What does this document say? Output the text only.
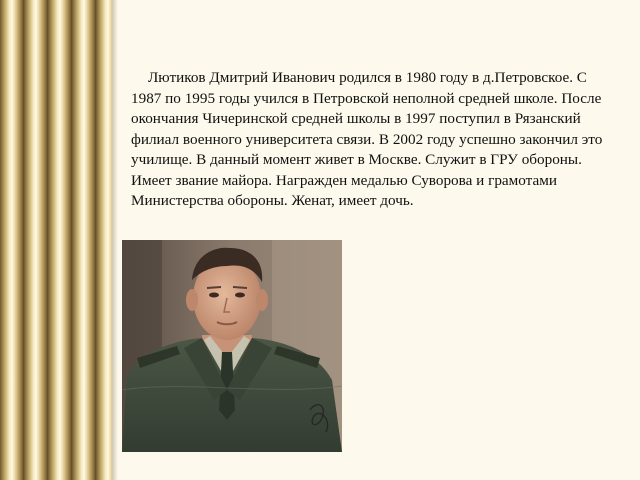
Лютиков Дмитрий Иванович родился в 1980 году в д.Петровское. С 1987 по 1995 годы учился в Петровской неполной средней школе. После окончания Чичеринской средней школы в 1997 поступил в Рязанский филиал военного университета связи. В 2002 году успешно закончил это училище. В данный момент живет в Москве. Служит в ГРУ обороны. Имеет звание майора. Награжден медалью Суворова и грамотами Министерства обороны. Женат, имеет дочь.
